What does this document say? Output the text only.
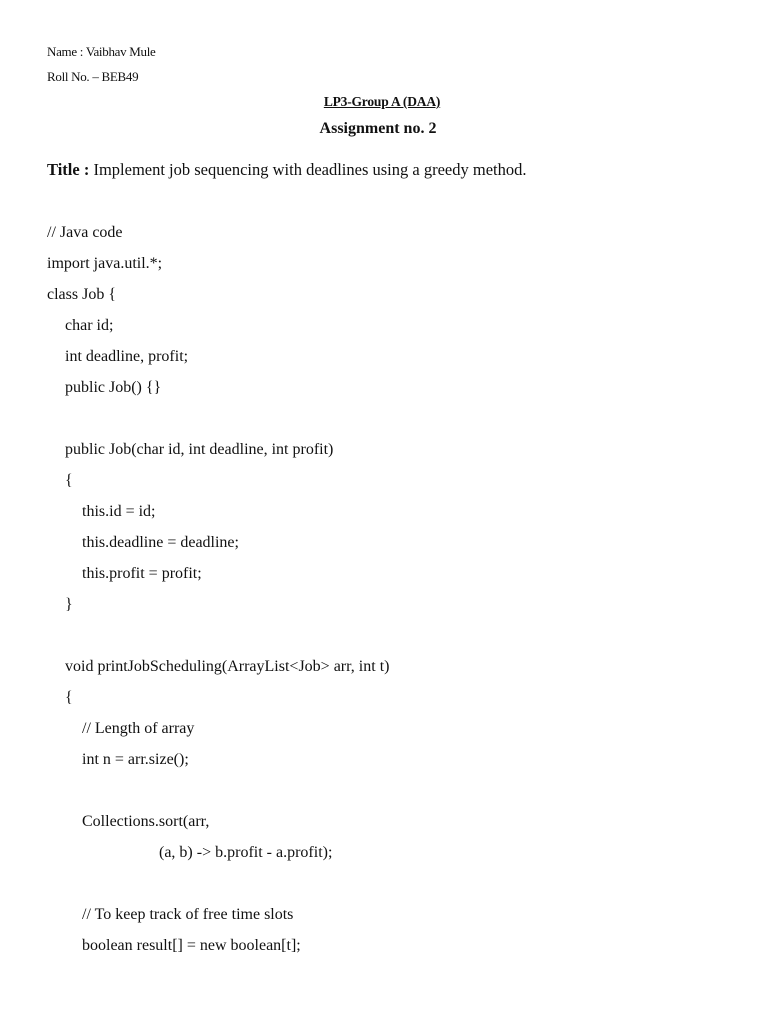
Name : Vaibhav Mule
Roll No. – BEB49
LP3-Group A (DAA)
Assignment no. 2
Title : Implement job sequencing with deadlines using a greedy method.
// Java code
import java.util.*;
class Job {
char id;
int deadline, profit;
public Job() {}
public Job(char id, int deadline, int profit)
{
this.id = id;
this.deadline = deadline;
this.profit = profit;
}
void printJobScheduling(ArrayList<Job> arr, int t)
{
// Length of array
int n = arr.size();
Collections.sort(arr,
(a, b) -> b.profit - a.profit);
// To keep track of free time slots
boolean result[] = new boolean[t];
